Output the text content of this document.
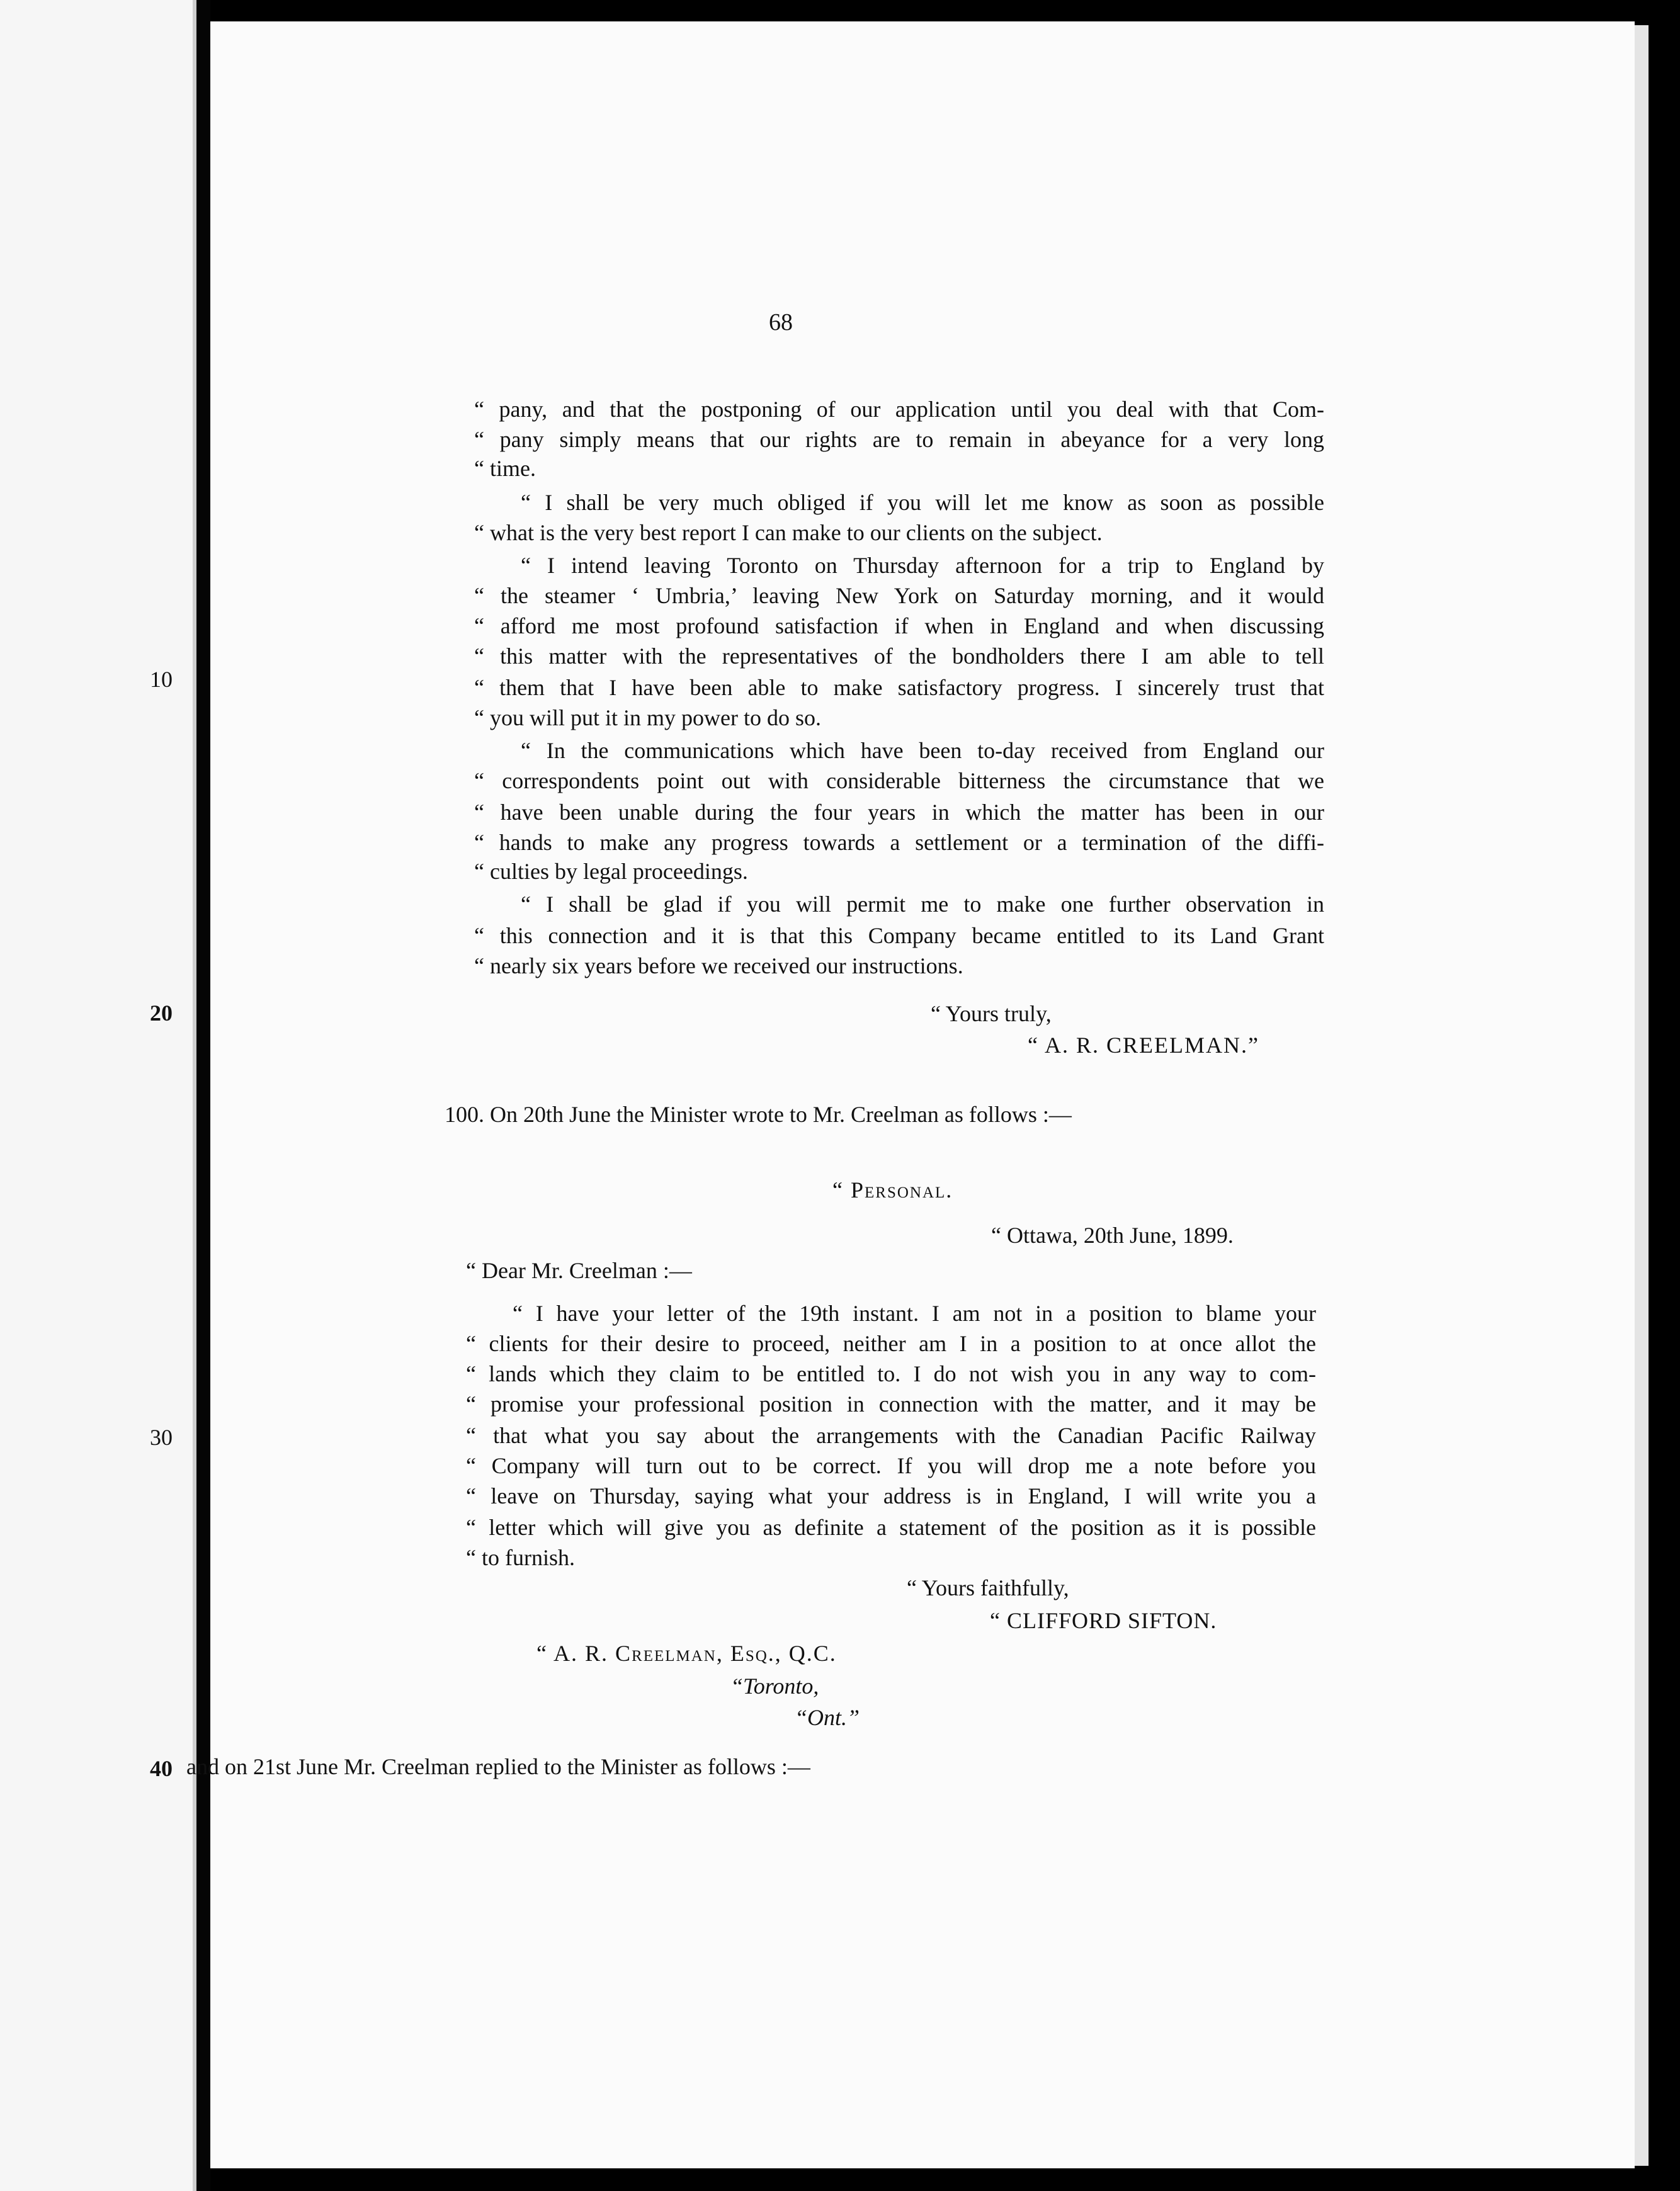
68
10
20
30
40
“ pany, and that the postponing of our application until you deal with that Com-
“ pany simply means that our rights are to remain in abeyance for a very long
“ time.
“ I shall be very much obliged if you will let me know as soon as possible
“ what is the very best report I can make to our clients on the subject.
“ I intend leaving Toronto on Thursday afternoon for a trip to England by
“ the steamer ‘ Umbria,’ leaving New York on Saturday morning, and it would
“ afford me most profound satisfaction if when in England and when discussing
“ this matter with the representatives of the bondholders there I am able to tell
“ them that I have been able to make satisfactory progress. I sincerely trust that
“ you will put it in my power to do so.
“ In the communications which have been to-day received from England our
“ correspondents point out with considerable bitterness the circumstance that we
“ have been unable during the four years in which the matter has been in our
“ hands to make any progress towards a settlement or a termination of the diffi-
“ culties by legal proceedings.
“ I shall be glad if you will permit me to make one further observation in
“ this connection and it is that this Company became entitled to its Land Grant
“ nearly six years before we received our instructions.
“ Yours truly,
“ A. R. CREELMAN.”
100. On 20th June the Minister wrote to Mr. Creelman as follows :—
“ Personal.
“ Ottawa, 20th June, 1899.
“ Dear Mr. Creelman :—
“ I have your letter of the 19th instant. I am not in a position to blame your
“ clients for their desire to proceed, neither am I in a position to at once allot the
“ lands which they claim to be entitled to. I do not wish you in any way to com-
“ promise your professional position in connection with the matter, and it may be
“ that what you say about the arrangements with the Canadian Pacific Railway
“ Company will turn out to be correct. If you will drop me a note before you
“ leave on Thursday, saying what your address is in England, I will write you a
“ letter which will give you as definite a statement of the position as it is possible
“ to furnish.
“ Yours faithfully,
“ CLIFFORD SIFTON.
“ A. R. Creelman, Esq., Q.C.
“Toronto,
“Ont.”
and on 21st June Mr. Creelman replied to the Minister as follows :—
